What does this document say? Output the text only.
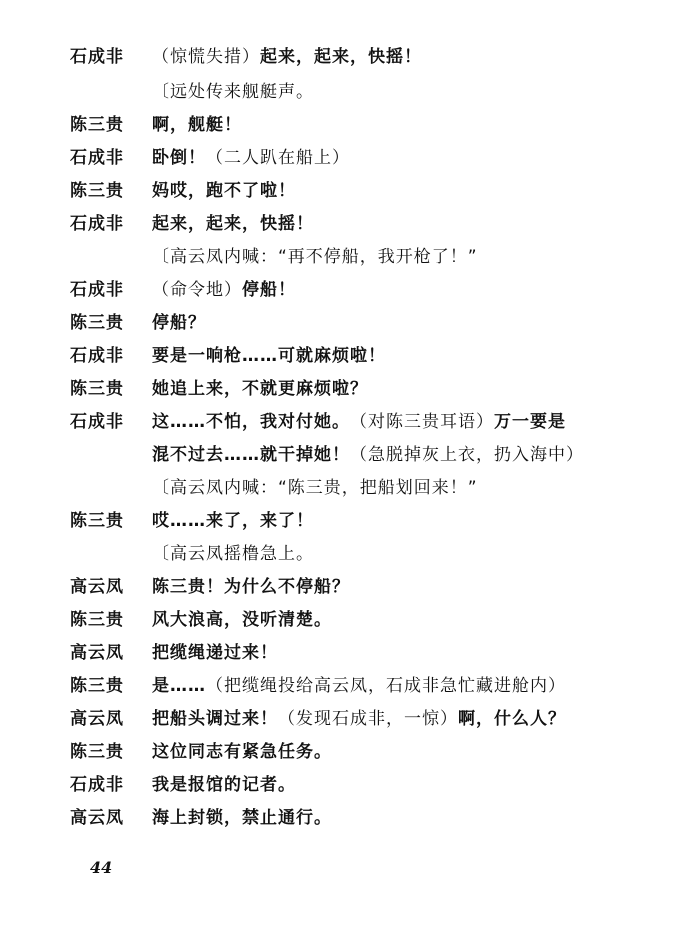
石成非 （惊慌失措）起来，起来，快摇！
〔远处传来舰艇声。
陈三贵 啊，舰艇！
石成非 卧倒！（二人趴在船上）
陈三贵 妈哎，跑不了啦！
石成非 起来，起来，快摇！
〔高云凤内喊：“再不停船，我开枪了！”
石成非 （命令地）停船！
陈三贵 停船？
石成非 要是一响枪……可就麻烦啦！
陈三贵 她追上来，不就更麻烦啦？
石成非 这……不怕，我对付她。（对陈三贵耳语）万一要是
混不过去……就干掉她！（急脱掉灰上衣，扔入海中）
〔高云凤内喊：“陈三贵，把船划回来！”
陈三贵 哎……来了，来了！
〔高云凤摇橹急上。
高云凤 陈三贵！为什么不停船？
陈三贵 风大浪高，没听清楚。
高云凤 把缆绳递过来！
陈三贵 是……（把缆绳投给高云凤，石成非急忙藏进舱内）
高云凤 把船头调过来！（发现石成非，一惊）啊，什么人？
陈三贵 这位同志有紧急任务。
石成非 我是报馆的记者。
高云凤 海上封锁，禁止通行。
44
